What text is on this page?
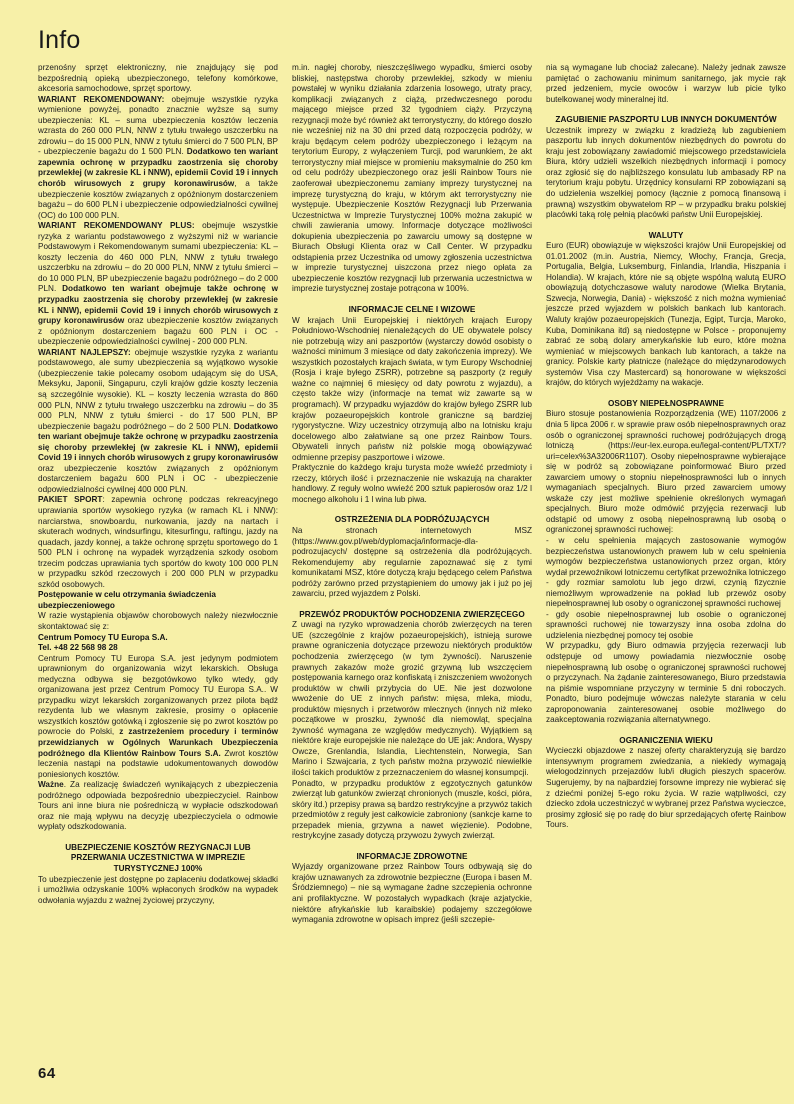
Info

przenośny sprzęt elektroniczny, nie znajdujący się pod bezpośrednią opieką ubezpieczonego, telefony komórkowe, akcesoria samochodowe, sprzęt sportowy.

WARIANT REKOMENDOWANY: obejmuje wszystkie ryzyka wymienione powyżej, ponadto znacznie wyższe są sumy ubezpieczenia: KL – suma ubezpieczenia kosztów leczenia wzrasta do 260 000 PLN, NNW z tytułu trwałego uszczerbku na zdrowiu – do 15 000 PLN, NNW z tytułu śmierci do 7 500 PLN, BP - ubezpieczenie bagażu do 1 500 PLN. Dodatkowo ten wariant zapewnia ochronę w przypadku zaostrzenia się choroby przewlekłej (w zakresie KL i NNW), epidemii Covid 19 i innych chorób wirusowych z grupy koronawirusów, a także ubezpieczenie kosztów związanych z opóźnionym dostarczeniem bagażu – do 600 PLN i ubezpieczenie odpowiedzialności cywilnej (OC) do 100 000 PLN.

WARIANT REKOMENDOWANY PLUS: obejmuje wszystkie ryzyka z wariantu podstawowego z wyższymi niż w wariancie Podstawowym i Rekomendowanym sumami ubezpieczenia: KL – koszty leczenia do 460 000 PLN, NNW z tytułu trwałego uszczerbku na zdrowiu – do 20 000 PLN, NNW z tytułu śmierci – do 10 000 PLN, BP ubezpieczenie bagażu podróżnego – do 2 000 PLN. Dodatkowo ten wariant obejmuje także ochronę w przypadku zaostrzenia się choroby przewlekłej (w zakresie KL i NNW), epidemii Covid 19 i innych chorób wirusowych z grupy koronawirusów oraz ubezpieczenie kosztów związanych z opóźnionym dostarczeniem bagażu 600 PLN i OC - ubezpieczenie odpowiedzialności cywilnej - 200 000 PLN.

WARIANT NAJLEPSZY: obejmuje wszystkie ryzyka z wariantu podstawowego, ale sumy ubezpieczenia są wyjątkowo wysokie (ubezpieczenie takie polecamy osobom udającym się do USA, Meksyku, Japonii, Singapuru, czyli krajów gdzie koszty leczenia są szczególnie wysokie). KL – koszty leczenia wzrasta do 860 000 PLN, NNW z tytułu trwałego uszczerbku na zdrowiu – do 35 000 PLN, NNW z tytułu śmierci - do 17 500 PLN, BP ubezpieczenie bagażu podróżnego – do 2 500 PLN. Dodatkowo ten wariant obejmuje także ochronę w przypadku zaostrzenia się choroby przewlekłej (w zakresie KL i NNW), epidemii Covid 19 i innych chorób wirusowych z grupy koronawirusów oraz ubezpieczenie kosztów związanych z opóźnionym dostarczeniem bagażu 600 PLN i OC - ubezpieczenie odpowiedzialności cywilnej 400 000 PLN.

PAKIET SPORT: zapewnia ochronę podczas rekreacyjnego uprawiania sportów wysokiego ryzyka (w ramach KL i NNW): narciarstwa, snowboardu, nurkowania, jazdy na nartach i skuterach wodnych, windsurfingu, kitesurfingu, raftingu, jazdy na quadach, jazdy konnej, a także ochronę sprzętu sportowego do 1 500 PLN i ochronę na wypadek wyrządzenia szkody osobom trzecim podczas uprawiania tych sportów do kwoty 100 000 PLN w przypadku szkód rzeczowych i 200 000 PLN w przypadku szkód osobowych.

Postępowanie w celu otrzymania świadczenia ubezpieczeniowego

W razie wystąpienia objawów chorobowych należy niezwłocznie skontaktować się z:

Centrum Pomocy TU Europa S.A.
Tel. +48 22 568 98 28

Centrum Pomocy TU Europa S.A. jest jedynym podmiotem uprawnionym do organizowania wizyt lekarskich. Obsługa medyczna odbywa się bezgotówkowo tylko wtedy, gdy organizowana jest przez Centrum Pomocy TU Europa S.A.. W przypadku wizyt lekarskich zorganizowanych przez pilota bądź rezydenta lub we własnym zakresie, prosimy o opłacenie wszystkich kosztów gotówką i zgłoszenie się po zwrot kosztów po powrocie do Polski, z zastrzeżeniem procedury i terminów przewidzianych w Ogólnych Warunkach Ubezpieczenia podróżnego dla Klientów Rainbow Tours S.A. Zwrot kosztów leczenia nastąpi na podstawie udokumentowanych dowodów poniesionych kosztów.

Ważne. Za realizację świadczeń wynikających z ubezpieczenia podróżnego odpowiada bezpośrednio ubezpieczyciel. Rainbow Tours ani inne biura nie pośredniczą w wypłacie odszkodowań oraz nie mają wpływu na decyzję ubezpieczyciela o odmowie wypłaty odszkodowania.

UBEZPIECZENIE KOSZTÓW REZYGNACJI LUB PRZERWANIA UCZESTNICTWA W IMPREZIE TURYSTYCZNEJ 100%

To ubezpieczenie jest dostępne po zapłaceniu dodatkowej składki i umożliwia odzyskanie 100% wpłaconych środków na wypadek odwołania wyjazdu z ważnej życiowej przyczyny,

m.in. nagłej choroby, nieszczęśliwego wypadku, śmierci osoby bliskiej, następstwa choroby przewlekłej, szkody w mieniu powstałej w wyniku działania zdarzenia losowego, utraty pracy, komplikacji związanych z ciążą, przedwczesnego porodu mającego miejsce przed 32 tygodniem ciąży. Przyczyną rezygnacji może być również akt terrorystyczny, do którego doszło nie wcześniej niż na 30 dni przed datą rozpoczęcia podróży, w kraju będącym celem podróży ubezpieczonego i leżącym na terytorium Europy, z wyłączeniem Turcji, pod warunkiem, że akt terrorystyczny miał miejsce w promieniu maksymalnie do 250 km od celu podróży ubezpieczonego oraz jeśli Rainbow Tours nie zaoferował ubezpieczonemu zamiany imprezy turystycznej na imprezę turystyczną do kraju, w którym akt terrorystyczny nie występuje. Ubezpieczenie Kosztów Rezygnacji lub Przerwania Uczestnictwa w Imprezie Turystycznej 100% można zakupić w chwili zawierania umowy. Informacje dotyczące możliwości dokupienia ubezpieczenia po zawarciu umowy są dostępne w Biurach Obsługi Klienta oraz w Call Center. W przypadku odstąpienia przez Uczestnika od umowy zgłoszenia uczestnictwa w imprezie turystycznej uiszczona przez niego opłata za ubezpieczenie kosztów rezygnacji lub przerwania uczestnictwa w imprezie turystycznej zostaje potrącona w 100%.

INFORMACJE CELNE I WIZOWE

W krajach Unii Europejskiej i niektórych krajach Europy Południowo-Wschodniej nienależących do UE obywatele polscy nie potrzebują wizy ani paszportów (wystarczy dowód osobisty o ważności minimum 3 miesiące od daty zakończenia imprezy). We wszystkich pozostałych krajach świata, w tym Europy Wschodniej (Rosja i kraje byłego ZSRR), potrzebne są paszporty (z reguły ważne co najmniej 6 miesięcy od daty powrotu z wyjazdu), a często także wizy (informacje na temat wiz zawarte są w programach). W przypadku wyjazdów do krajów byłego ZSRR lub krajów pozaeuropejskich kontrole graniczne są bardziej rygorystyczne. Wizy uczestnicy otrzymują albo na lotnisku kraju docelowego albo załatwiane są one przez Rainbow Tours. Obywateli innych państw niż polskie mogą obowiązywać odmienne przepisy paszportowe i wizowe.

Praktycznie do każdego kraju turysta może wwieźć przedmioty i rzeczy, których ilość i przeznaczenie nie wskazują na charakter handlowy. Z reguły wolno wwieźć 200 sztuk papierosów oraz 1/2 l mocnego alkoholu i 1 l wina lub piwa.

OSTRZEŻENIA DLA PODRÓŻUJĄCYCH

Na stronach internetowych MSZ (https://www.gov.pl/web/dyplomacja/informacje-dla-podrozujacych/ dostępne są ostrzeżenia dla podróżujących. Rekomendujemy aby regularnie zapoznawać się z tymi komunikatami MSZ, które dotyczą kraju będącego celem Państwa podróży zarówno przed przystąpieniem do umowy jak i już po jej zawarciu, przed wyjazdem z Polski.

PRZEWÓZ PRODUKTÓW POCHODZENIA ZWIERZĘCEGO

Z uwagi na ryzyko wprowadzenia chorób zwierzęcych na teren UE (szczególnie z krajów pozaeuropejskich), istnieją surowe prawne ograniczenia dotyczące przewozu niektórych produktów pochodzenia zwierzęcego (w tym żywności). Naruszenie prawnych zakazów może grozić grzywną lub wszczęciem postępowania karnego oraz konfiskatą i zniszczeniem wwożonych produktów w chwili przybycia do UE. Nie jest dozwolone wwożenie do UE z innych państw: mięsa, mleka, miodu, produktów mięsnych i przetworów mlecznych (innych niż mleko początkowe w proszku, żywność dla niemowląt, specjalna żywność wymagana ze względów medycznych). Wyjątkiem są niektóre kraje europejskie nie należące do UE jak: Andora, Wyspy Owcze, Grenlandia, Islandia, Liechtenstein, Norwegia, San Marino i Szwajcaria, z tych państw można przywozić niewielkie ilości takich produktów z przeznaczeniem do własnej konsumpcji.

Ponadto, w przypadku produktów z egzotycznych gatunków zwierząt lub gatunków zwierząt chronionych (muszle, kości, pióra, skóry itd.) przepisy prawa są bardzo restrykcyjne a przywóz takich przedmiotów z reguły jest całkowicie zabroniony (sankcje karne to przepadek mienia, grzywna a nawet więzienie). Podobne, restrykcyjne zasady dotyczą przywozu żywych zwierząt.

INFORMACJE ZDROWOTNE

Wyjazdy organizowane przez Rainbow Tours odbywają się do krajów uznawanych za zdrowotnie bezpieczne (Europa i basen M. Śródziemnego) – nie są wymagane żadne szczepienia ochronne ani profilaktyczne. W pozostałych wypadkach (kraje azjatyckie, niektóre afrykańskie lub karaibskie) podajemy szczegółowe wymagania zdrowotne w opisach imprez (jeśli szczepie-

nia są wymagane lub chociaż zalecane). Należy jednak zawsze pamiętać o zachowaniu minimum sanitarnego, jak mycie rąk przed jedzeniem, mycie owoców i warzyw lub picie tylko butelkowanej wody mineralnej itd.

ZAGUBIENIE PASZPORTU LUB INNYCH DOKUMENTÓW

Uczestnik imprezy w związku z kradzieżą lub zagubieniem paszportu lub innych dokumentów niezbędnych do powrotu do kraju jest zobowiązany zawiadomić miejscowego przedstawiciela Biura, który udzieli wszelkich niezbędnych informacji i pomocy oraz zgłosić się do najbliższego konsulatu lub ambasady RP na terytorium kraju pobytu. Urzędnicy konsularni RP zobowiązani są do udzielenia wszelkiej pomocy (łącznie z pomocą finansową i prawną) wszystkim obywatelom RP – w przypadku braku polskiej placówki taką rolę pełnią placówki państw Unii Europejskiej.

WALUTY

Euro (EUR) obowiązuje w większości krajów Unii Europejskiej od 01.01.2002 (m.in. Austria, Niemcy, Włochy, Francja, Grecja, Portugalia, Belgia, Luksemburg, Finlandia, Irlandia, Hiszpania i Holandia). W krajach, które nie są objęte wspólną walutą EURO obowiązują dotychczasowe waluty narodowe (Wielka Brytania, Szwecja, Norwegia, Dania) - większość z nich można wymieniać jeszcze przed wyjazdem w polskich bankach lub kantorach. Waluty krajów pozaeuropejskich (Tunezja, Egipt, Turcja, Maroko, Kuba, Dominikana itd) są niedostępne w Polsce - proponujemy zabrać ze sobą dolary amerykańskie lub euro, które można wymieniać w miejscowych bankach lub kantorach, a także na granicy. Polskie karty płatnicze (należące do międzynarodowych systemów Visa czy Mastercard) są honorowane w większości krajów, do których wyjeżdżamy na wakacje.

OSOBY NIEPEŁNOSPRAWNE

Biuro stosuje postanowienia Rozporządzenia (WE) 1107/2006 z dnia 5 lipca 2006 r. w sprawie praw osób niepełnosprawnych oraz osób o ograniczonej sprawności ruchowej podróżujących drogą lotniczą (https://eur-lex.europa.eu/legal-content/PL/TXT/?uri=celex%3A32006R1107). Osoby niepełnosprawne wybierające się w podróż są zobowiązane poinformować Biuro przed zawarciem umowy o stopniu niepełnosprawności lub o innych wymaganiach specjalnych. Biuro przed zawarciem umowy wskaże czy jest możliwe spełnienie określonych wymagań specjalnych. Biuro może odmówić przyjęcia rezerwacji lub odstąpić od umowy z osobą niepełnosprawną lub osobą o ograniczonej sprawności ruchowej:

- w celu spełnienia mających zastosowanie wymogów bezpieczeństwa ustanowionych prawem lub w celu spełnienia wymogów bezpieczeństwa ustanowionych przez organ, który wydał przewoźnikowi lotniczemu certyfikat przewoźnika lotniczego

- gdy rozmiar samolotu lub jego drzwi, czynią fizycznie niemożliwym wprowadzenie na pokład lub przewóz osoby niepełnosprawnej lub osoby o ograniczonej sprawności ruchowej

- gdy osobie niepełnosprawnej lub osobie o ograniczonej sprawności ruchowej nie towarzyszy inna osoba zdolna do udzielenia niezbędnej pomocy tej osobie

W przypadku, gdy Biuro odmawia przyjęcia rezerwacji lub odstępuje od umowy powiadamia niezwłocznie osobę niepełnosprawną lub osobę o ograniczonej sprawności ruchowej o przyczynach. Na żądanie zainteresowanego, Biuro przedstawia na piśmie wspomniane przyczyny w terminie 5 dni roboczych. Ponadto, biuro podejmuje wówczas należyte starania w celu zaproponowania zainteresowanej osobie możliwego do zaakceptowania rozwiązania alternatywnego.

OGRANICZENIA WIEKU

Wycieczki objazdowe z naszej oferty charakteryzują się bardzo intensywnym programem zwiedzania, a niekiedy wymagają wielogodzinnych przejazdów lub/i długich pieszych spacerów. Sugerujemy, by na najbardziej forsowne imprezy nie wybierać się z dziećmi poniżej 5-ego roku życia. W razie wątpliwości, czy dziecko zdoła uczestniczyć w wybranej przez Państwa wycieczce, prosimy zgłosić się po radę do biur sprzedających ofertę Rainbow Tours.

64
